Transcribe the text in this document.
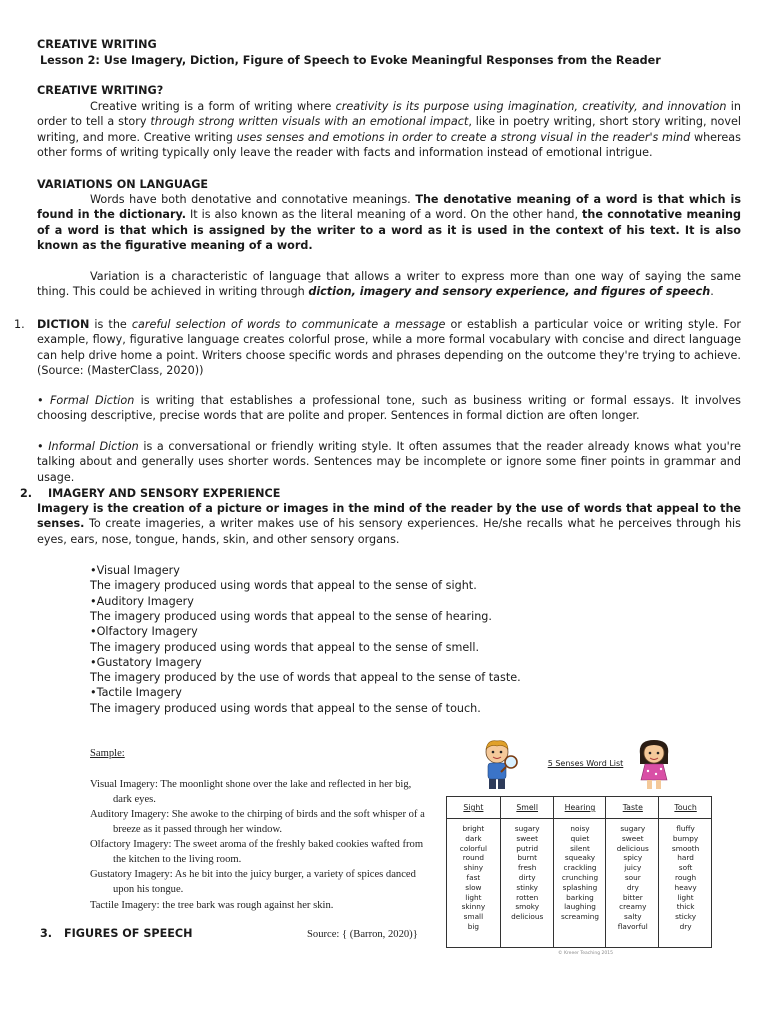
CREATIVE WRITING
Lesson 2: Use Imagery, Diction, Figure of Speech to Evoke Meaningful Responses from the Reader
CREATIVE WRITING?

Creative writing is a form of writing where creativity is its purpose using imagination, creativity, and innovation in order to tell a story through strong written visuals with an emotional impact, like in poetry writing, short story writing, novel writing, and more. Creative writing uses senses and emotions in order to create a strong visual in the reader's mind whereas other forms of writing typically only leave the reader with facts and information instead of emotional intrigue.

VARIATIONS ON LANGUAGE

Words have both denotative and connotative meanings. The denotative meaning of a word is that which is found in the dictionary. It is also known as the literal meaning of a word. On the other hand, the connotative meaning of a word is that which is assigned by the writer to a word as it is used in the context of his text. It is also known as the figurative meaning of a word.

Variation is a characteristic of language that allows a writer to express more than one way of saying the same thing. This could be achieved in writing through diction, imagery and sensory experience, and figures of speech.

1. DICTION is the careful selection of words to communicate a message or establish a particular voice or writing style. For example, flowy, figurative language creates colorful prose, while a more formal vocabulary with concise and direct language can help drive home a point. Writers choose specific words and phrases depending on the outcome they're trying to achieve. (Source: (MasterClass, 2020))

• Formal Diction is writing that establishes a professional tone, such as business writing or formal essays. It involves choosing descriptive, precise words that are polite and proper. Sentences in formal diction are often longer.

• Informal Diction is a conversational or friendly writing style. It often assumes that the reader already knows what you're talking about and generally uses shorter words. Sentences may be incomplete or ignore some finer points in grammar and usage.

2. IMAGERY AND SENSORY EXPERIENCE

Imagery is the creation of a picture or images in the mind of the reader by the use of words that appeal to the senses. To create imageries, a writer makes use of his sensory experiences. He/she recalls what he perceives through his eyes, ears, nose, tongue, hands, skin, and other sensory organs.

•Visual Imagery
The imagery produced using words that appeal to the sense of sight.
•Auditory Imagery
The imagery produced using words that appeal to the sense of hearing.
•Olfactory Imagery
The imagery produced using words that appeal to the sense of smell.
•Gustatory Imagery
The imagery produced by the use of words that appeal to the sense of taste.
•Tactile Imagery
The imagery produced using words that appeal to the sense of touch.
Sample:
Visual Imagery: The moonlight shone over the lake and reflected in her big,
dark eyes.
Auditory Imagery: She awoke to the chirping of birds and the soft whisper of a
breeze as it passed through her window.
Olfactory Imagery: The sweet aroma of the freshly baked cookies wafted from
the kitchen to the living room.
Gustatory Imagery: As he bit into the juicy burger, a variety of spices danced
upon his tongue.
Tactile Imagery: the tree bark was rough against her skin.
Source: { (Barron, 2020)}
3. FIGURES OF SPEECH
5 Senses Word List
Sight
bright
dark
colorful
round
shiny
fast
slow
light
skinny
small
big
Smell
sugary
sweet
putrid
burnt
fresh
dirty
stinky
rotten
smoky
delicious
Hearing
noisy
quiet
silent
squeaky
crackling
crunching
splashing
barking
laughing
screaming
Taste
sugary
sweet
delicious
spicy
juicy
sour
dry
bitter
creamy
salty
flavorful
Touch
fluffy
bumpy
smooth
hard
soft
rough
heavy
light
thick
sticky
dry
© Kreeer Teaching 2015
